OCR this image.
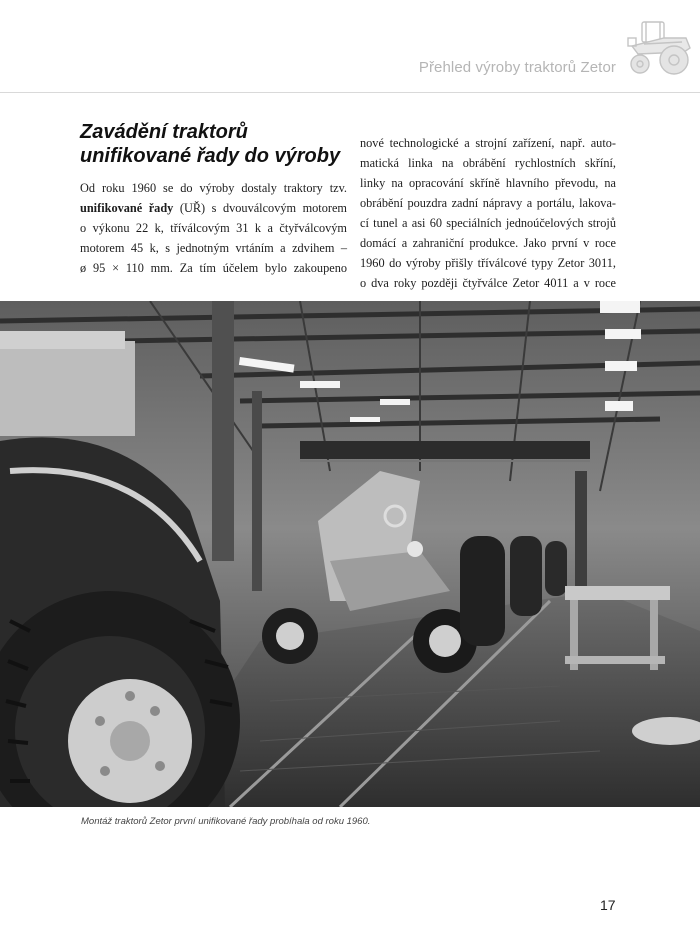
Přehled výroby traktorů Zetor
Zavádění traktorů
unifikované řady do výroby
Od roku 1960 se do výroby dostaly traktory tzv.
unifikované řady (UŘ) s dvouválcovým motorem
o výkonu 22 k, tříválcovým 31 k a čtyřválcovým
motorem 45 k, s jednotným vrtáním a zdvihem –
ø 95 × 110 mm. Za tím účelem bylo zakoupeno
nové technologické a strojní zařízení, např. auto-
matická linka na obrábění rychlostních skříní,
linky na opracování skříně hlavního převodu, na
obrábění pouzdra zadní nápravy a portálu, lakova-
cí tunel a asi 60 speciálních jednoúčelových strojů
domácí a zahraniční produkce. Jako první v roce
1960 do výroby přišly tříválcové typy Zetor 3011,
o dva roky později čtyřválce Zetor 4011 a v roce
Montáž traktorů Zetor první unifikované řady probíhala od roku 1960.
17
